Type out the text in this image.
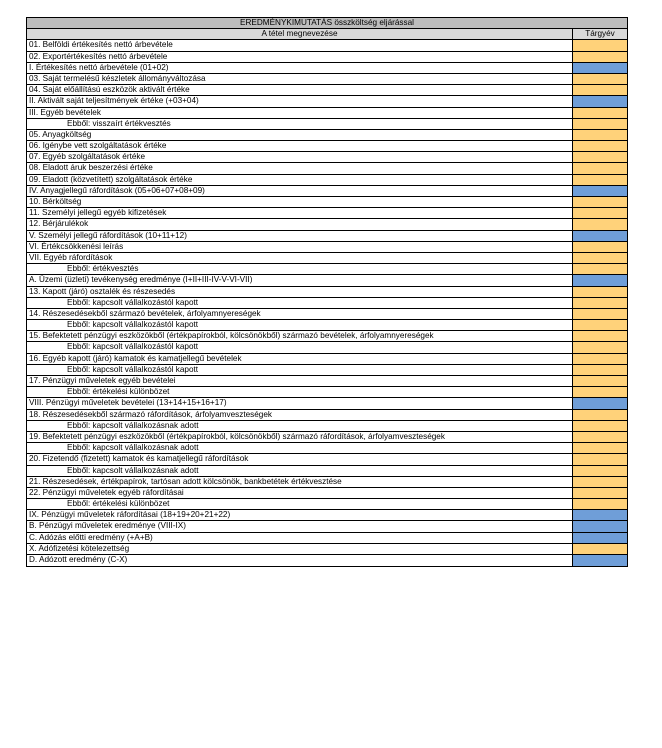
EREDMÉNYKIMUTATÁS összköltség eljárással
A tétel megnevezése	Tárgyév
01. Belföldi értékesítés nettó árbevétele
02. Exportértékesítés nettó árbevétele
I. Értékesítés nettó árbevétele (01+02)
03. Saját termelésű készletek állományváltozása
04. Saját előállítású eszközök aktivált értéke
II. Aktivált saját teljesítmények értéke (+03+04)
III. Egyéb bevételek
Ebből: visszaírt értékvesztés
05. Anyagköltség
06. Igénybe vett szolgáltatások értéke
07. Egyéb szolgáltatások értéke
08. Eladott áruk beszerzési értéke
09. Eladott (közvetített) szolgáltatások értéke
IV. Anyagjellegű ráfordítások (05+06+07+08+09)
10. Bérköltség
11. Személyi jellegű egyéb kifizetések
12. Bérjárulékok
V. Személyi jellegű ráfordítások (10+11+12)
VI. Értékcsökkenési leírás
VII. Egyéb ráfordítások
Ebből: értékvesztés
A. Üzemi (üzleti) tevékenység eredménye (I+II+III-IV-V-VI-VII)
13. Kapott (járó) osztalék és részesedés
Ebből: kapcsolt vállalkozástól kapott
14. Részesedésekből származó bevételek, árfolyamnyereségek
Ebből: kapcsolt vállalkozástól kapott
15. Befektetett pénzügyi eszközökből (értékpapírokból, kölcsönökből) származó bevételek, árfolyamnyereségek
Ebből: kapcsolt vállalkozástól kapott
16. Egyéb kapott (járó) kamatok és kamatjellegű bevételek
Ebből: kapcsolt vállalkozástól kapott
17. Pénzügyi műveletek egyéb bevételei
Ebből: értékelési különbözet
VIII. Pénzügyi műveletek bevételei (13+14+15+16+17)
18. Részesedésekből származó ráfordítások, árfolyamveszteségek
Ebből: kapcsolt vállalkozásnak adott
19. Befektetett pénzügyi eszközökből (értékpapírokból, kölcsönökből) származó ráfordítások, árfolyamveszteségek
Ebből: kapcsolt vállalkozásnak adott
20. Fizetendő (fizetett) kamatok és kamatjellegű ráfordítások
Ebből: kapcsolt vállalkozásnak adott
21. Részesedések, értékpapírok, tartósan adott kölcsönök, bankbetétek értékvesztése
22. Pénzügyi műveletek egyéb ráfordításai
Ebből: értékelési különbözet
IX. Pénzügyi műveletek ráfordításai (18+19+20+21+22)
B. Pénzügyi műveletek eredménye (VIII-IX)
C. Adózás előtti eredmény (+A+B)
X. Adófizetési kötelezettség
D. Adózott eredmény (C-X)
